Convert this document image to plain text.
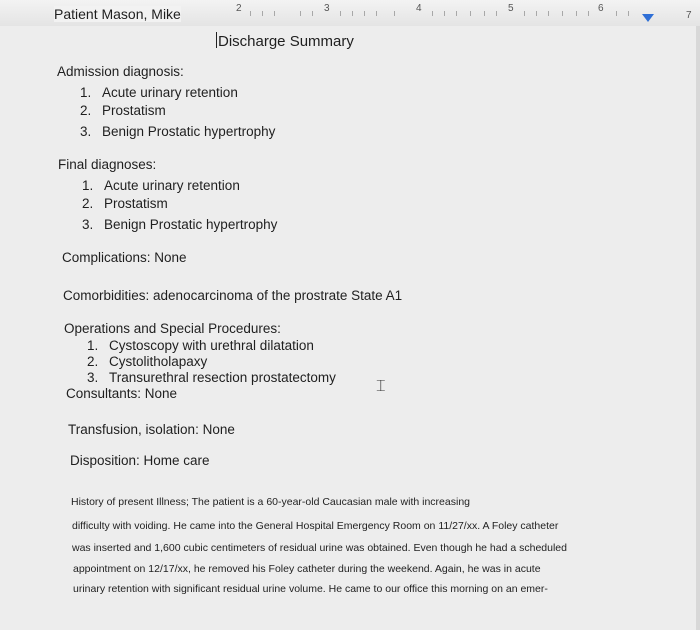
2	3	4	5	6
7
Patient Mason, Mike
Discharge Summary
Admission diagnosis:
1. Acute urinary retention
2. Prostatism
3. Benign Prostatic hypertrophy
Final diagnoses:
1. Acute urinary retention
2. Prostatism
3. Benign Prostatic hypertrophy
Complications: None
Comorbidities: adenocarcinoma of the prostrate State A1
Operations and Special Procedures:
1. Cystoscopy with urethral dilatation
2. Cystolitholapaxy
3. Transurethral resection prostatectomy
Consultants: None	⌶
Transfusion, isolation: None
Disposition: Home care
History of present Illness; The patient is a 60-year-old Caucasian male with increasing
difficulty with voiding. He came into the General Hospital Emergency Room on 11/27/xx. A Foley catheter
was inserted and 1,600 cubic centimeters of residual urine was obtained. Even though he had a scheduled
appointment on 12/17/xx, he removed his Foley catheter during the weekend. Again, he was in acute
urinary retention with significant residual urine volume. He came to our office this morning on an emer-
